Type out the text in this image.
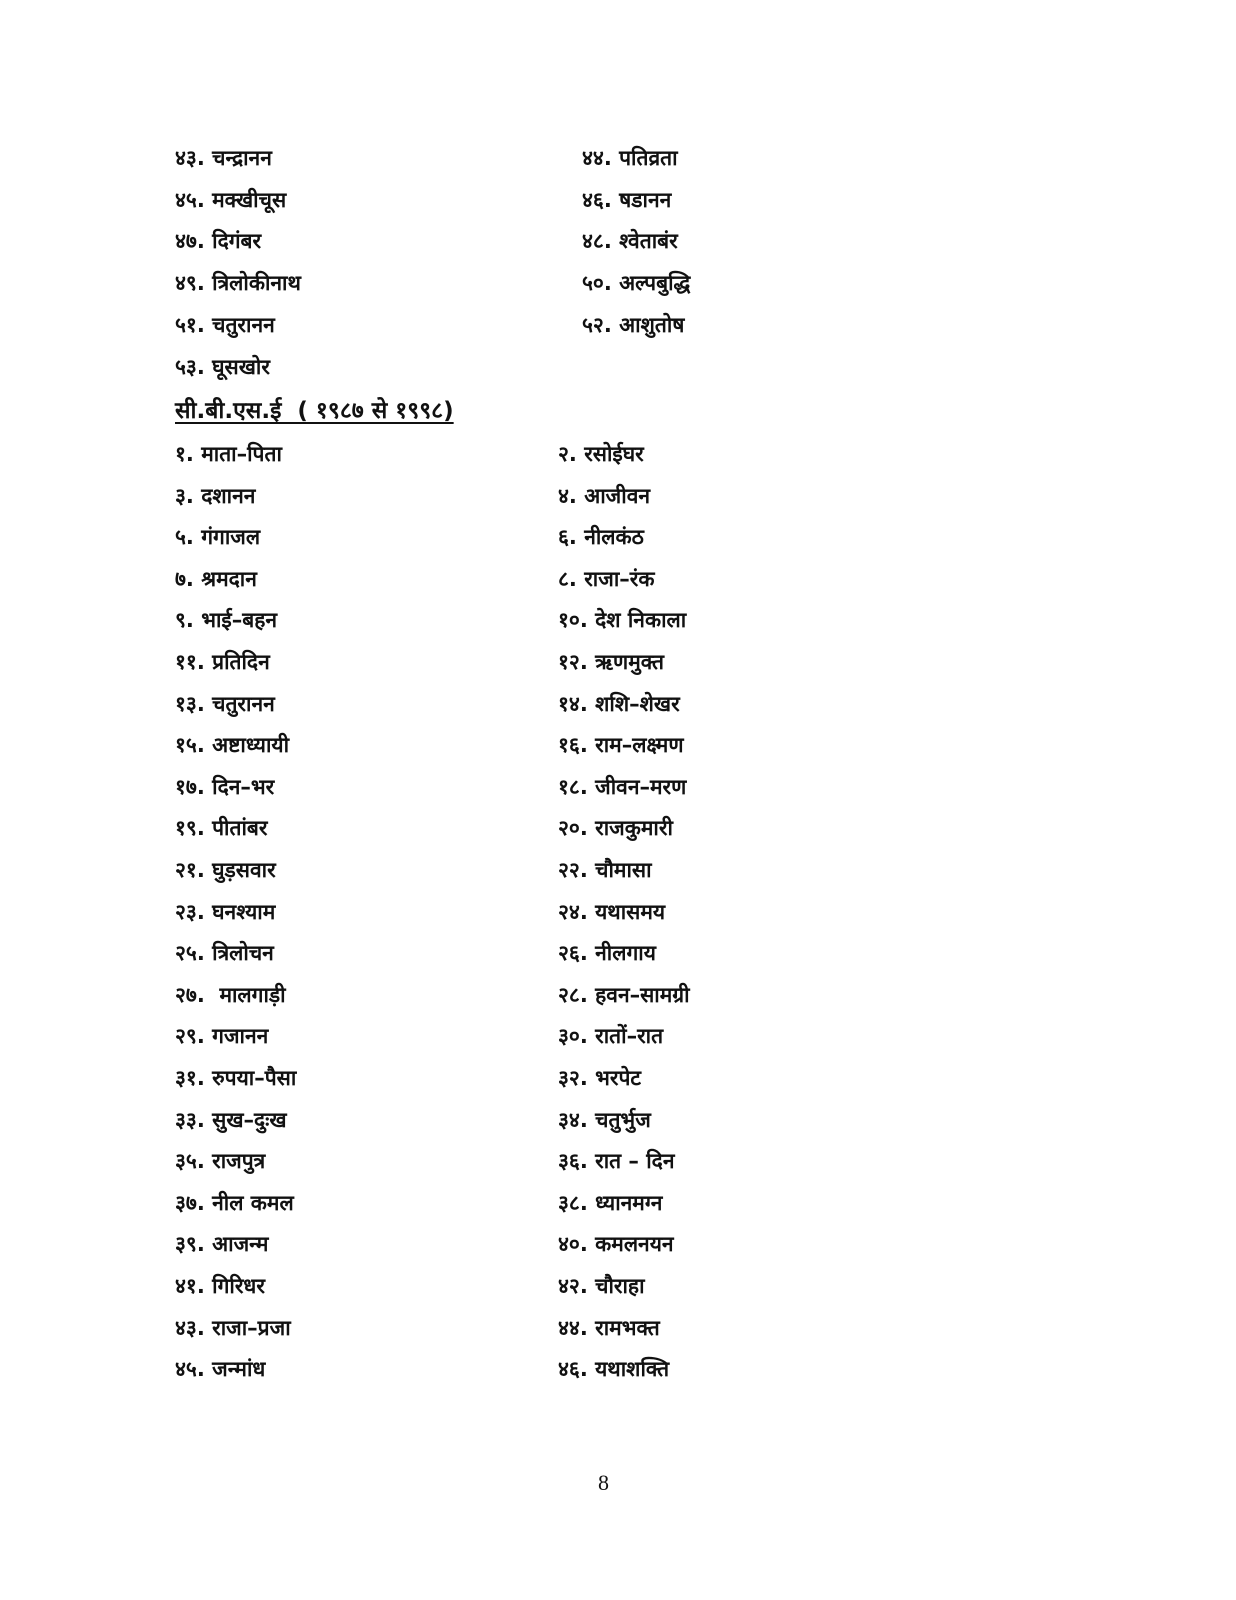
सी.बी.एस.ई  ( १९८७ से १९९८)
8
४३. चन्द्रानन
४५. मक्खीचूस
४७. दिगंबर
४९. त्रिलोकीनाथ
५१. चतुरानन
५३. घूसखोर
४४. पतिव्रता
४६. षडानन
४८. श्वेताबंर
५०. अल्पबुद्धि
५२. आशुतोष
१. माता–पिता
३. दशानन
५. गंगाजल
७. श्रमदान
९. भाई–बहन
११. प्रतिदिन
१३. चतुरानन
१५. अष्टाध्यायी
१७. दिन–भर
१९. पीतांबर
२१. घुड़सवार
२३. घनश्याम
२५. त्रिलोचन
२७.  मालगाड़ी
२९. गजानन
३१. रुपया–पैसा
३३. सुख–दुःख
३५. राजपुत्र
३७. नील कमल
३९. आजन्म
४१. गिरिधर
४३. राजा–प्रजा
४५. जन्मांध
२. रसोईघर
४. आजीवन
६. नीलकंठ
८. राजा–रंक
१०. देश निकाला
१२. ऋणमुक्त
१४. शशि–शेखर
१६. राम–लक्ष्मण
१८. जीवन–मरण
२०. राजकुमारी
२२. चौमासा
२४. यथासमय
२६. नीलगाय
२८. हवन–सामग्री
३०. रातों–रात
३२. भरपेट
३४. चतुर्भुज
३६. रात – दिन
३८. ध्यानमग्न
४०. कमलनयन
४२. चौराहा
४४. रामभक्त
४६. यथाशक्ति
